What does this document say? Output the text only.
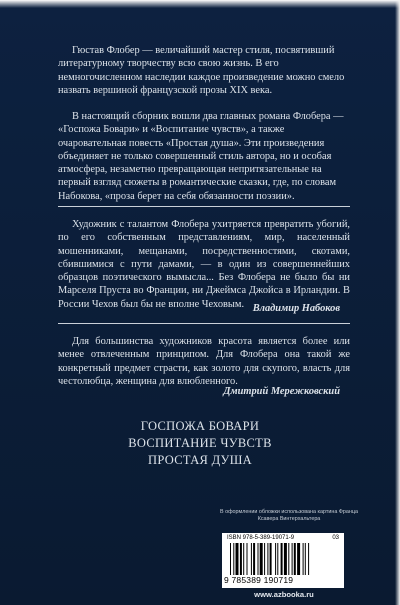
Гюстав Флобер — величайший мастер стиля, посвятивший литературному творчеству всю свою жизнь. В его немногочисленном наследии каждое произведение можно смело назвать вершиной французской прозы XIX века.

В настоящий сборник вошли два главных романа Флобера — «Госпожа Бовари» и «Воспитание чувств», а также очаровательная повесть «Простая душа». Эти произведения объединяет не только совершенный стиль автора, но и особая атмосфера, незаметно превращающая непритязательные на первый взгляд сюжеты в романтические сказки, где, по словам Набокова, «проза берет на себя обязанности поэзии».

Художник с талантом Флобера ухитряется превратить убогий, по его собственным представлениям, мир, населенный мошенниками, мещанами, посредственностями, скотами, сбившимися с пути дамами, — в один из совершеннейших образцов поэтического вымысла... Без Флобера не было бы ни Марселя Пруста во Франции, ни Джеймса Джойса в Ирландии. В России Чехов был бы не вполне Чеховым. Владимир Набоков

Для большинства художников красота является более или менее отвлеченным принципом. Для Флобера она такой же конкретный предмет страсти, как золото для скупого, власть для честолюбца, женщина для влюбленного.

Дмитрий Мережковский
ГОСПОЖА БОВАРИ
ВОСПИТАНИЕ ЧУВСТВ
ПРОСТАЯ ДУША
В оформлении обложки использована картина Франца Ксавера Винтерхальтера
ISBN 978-5-389-19071-9	03
9 785389 190719
www.azbooka.ru
